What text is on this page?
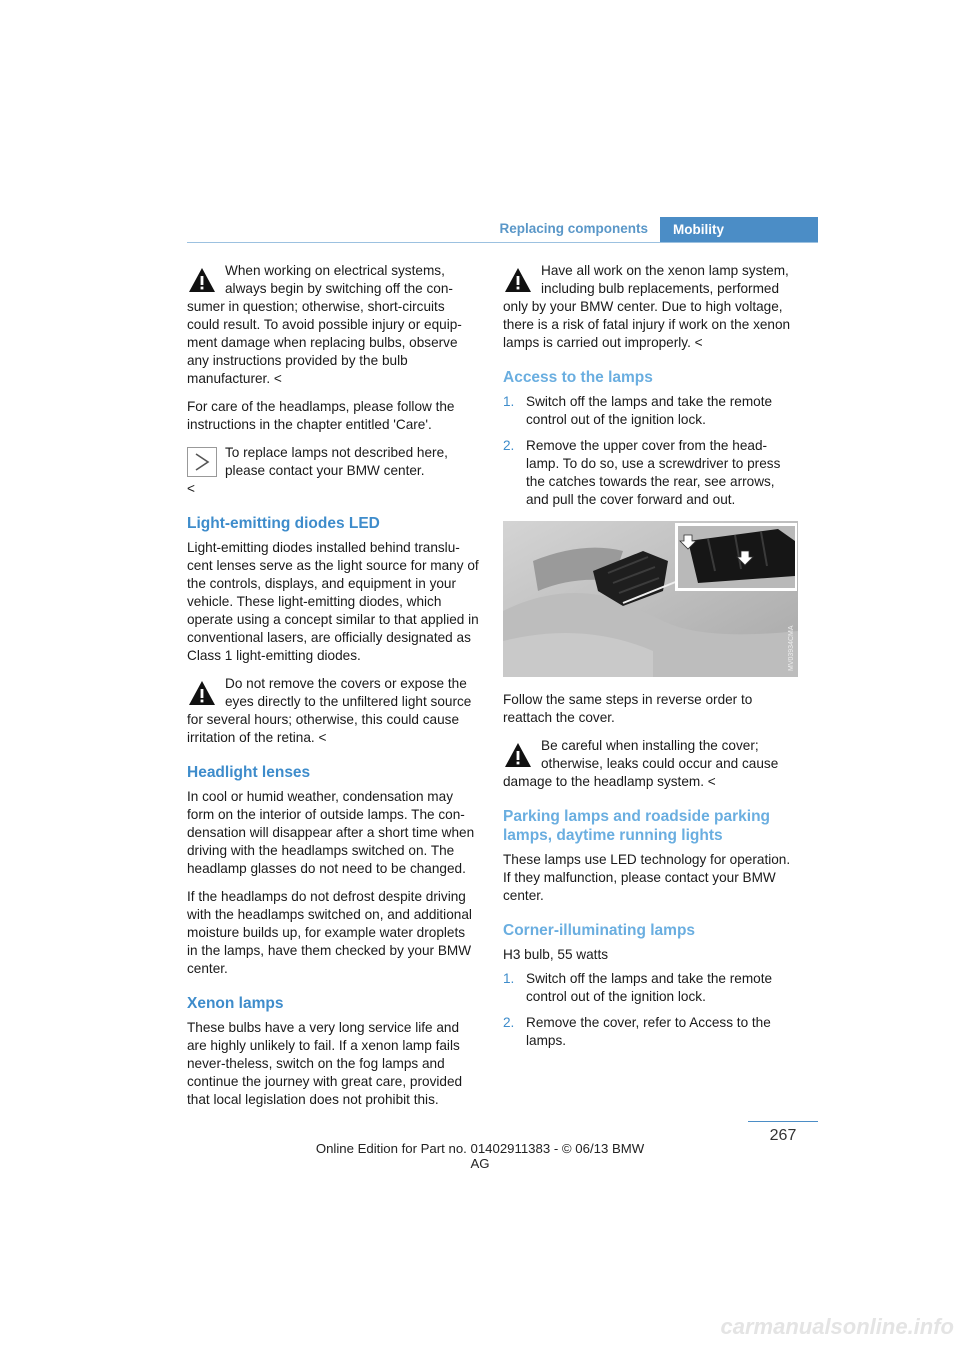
Replacing components	Mobility
When working on electrical systems, always begin by switching off the con-
sumer in question; otherwise, short-circuits could result. To avoid possible injury or equip-ment damage when replacing bulbs, observe any instructions provided by the bulb manufacturer. <

For care of the headlamps, please follow the instructions in the chapter entitled 'Care'.

To replace lamps not described here, please contact your BMW center.
<
Light-emitting diodes LED

Light-emitting diodes installed behind translu-cent lenses serve as the light source for many of the controls, displays, and equipment in your vehicle. These light-emitting diodes, which operate using a concept similar to that applied in conventional lasers, are officially designated as Class 1 light-emitting diodes.

Do not remove the covers or expose the eyes directly to the unfiltered light source
for several hours; otherwise, this could cause irritation of the retina. <
Headlight lenses

In cool or humid weather, condensation may form on the interior of outside lamps. The con-densation will disappear after a short time when driving with the headlamps switched on. The headlamp glasses do not need to be changed.

If the headlamps do not defrost despite driving with the headlamps switched on, and additional moisture builds up, for example water droplets in the lamps, have them checked by your BMW center.

Xenon lamps

These bulbs have a very long service life and are highly unlikely to fail. If a xenon lamp fails never-theless, switch on the fog lamps and continue the journey with great care, provided that local legislation does not prohibit this.

Have all work on the xenon lamp system, including bulb replacements, performed
only by your BMW center. Due to high voltage, there is a risk of fatal injury if work on the xenon lamps is carried out improperly. <
Access to the lamps
1. Switch off the lamps and take the remote control out of the ignition lock.
2. Remove the upper cover from the head-lamp. To do so, use a screwdriver to press the catches towards the rear, see arrows, and pull the cover forward and out.
MV03934CMA

Follow the same steps in reverse order to reattach the cover.

Be careful when installing the cover; otherwise, leaks could occur and cause
damage to the headlamp system. <
Parking lamps and roadside parking lamps, daytime running lights

These lamps use LED technology for operation. If they malfunction, please contact your BMW center.

Corner-illuminating lamps

H3 bulb, 55 watts

1. Switch off the lamps and take the remote control out of the ignition lock.
2. Remove the cover, refer to Access to the lamps.
267
Online Edition for Part no. 01402911383 - © 06/13 BMW AG
carmanualsonline.info
